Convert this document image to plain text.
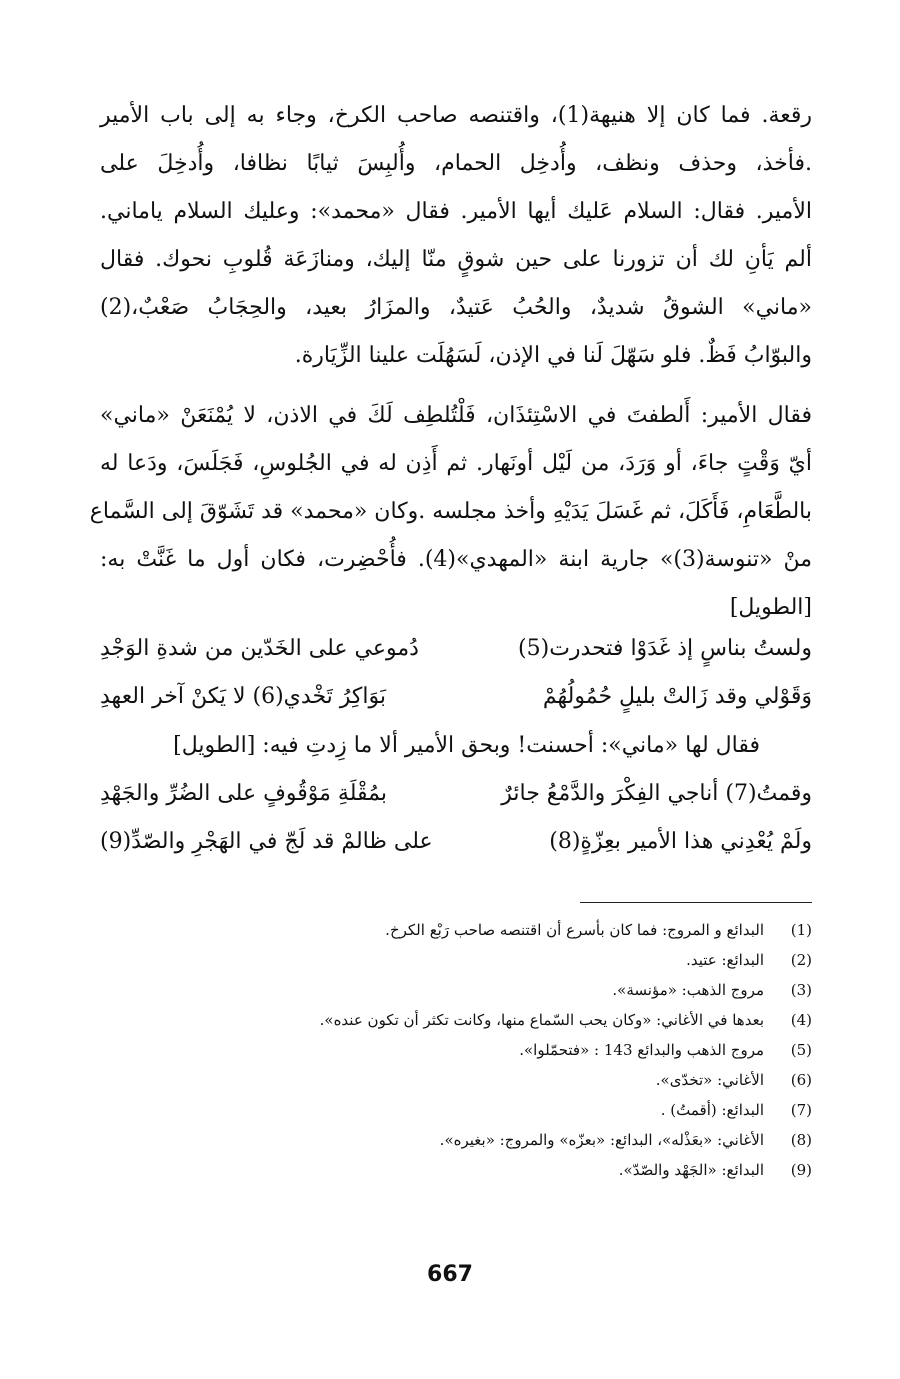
رقعة. فما كان إلا هنيهة(1)، واقتنصه صاحب الكرخ، وجاء به إلى باب الأمير
.فأخذ، وحذف ونظف، وأُدخِل الحمام، وأُلبِسَ ثيابًا نظافا، وأُدخِلَ على
الأمير. فقال: السلام عَليك أيها الأمير. فقال «محمد»: وعليك السلام ياماني.
ألم يَأنِ لك أن تزورنا على حين شوقٍ منّا إليك، ومنازَعَة قُلوبِ نحوك. فقال
«ماني» الشوقُ شديدٌ، والحُبُ عَتيدٌ، والمزَارُ بعيد، والحِجَابُ صَعْبٌ،(2)
والبوّابُ فَظٌ. فلو سَهّلَ لَنا في الإذن، لَسَهُلَت علينا الزِّيَارة.
فقال الأمير: أَلطفتَ في الاسْتِئذَان، فَلْتُلطِف لَكَ في الاذن، لا يُمْنَعَنْ «ماني»
أيّ وَقْتٍ جاءَ، أو وَرَدَ، من لَيْل أونَهار. ثم أَذِن له في الجُلوسِ، فَجَلَسَ، ودَعا له
بالطَّعَامِ، فَأَكَلَ، ثم غَسَلَ يَدَيْهِ وأخذ مجلسه .وكان «محمد» قد تَشَوّقَ إلى السَّماع
منْ «تنوسة(3)» جارية ابنة «المهدي»(4). فأُحْضِرت، فكان أول ما غَنَّتْ به:
[الطويل]
ولستُ بناسٍ إذ غَدَوْا فتحدرت(5)
دُموعي على الخَدّين من شدةِ الوَجْدِ
وَقَوْلي وقد زَالتْ بليلٍ حُمُولُهُمْ
بَوَاكِرُ تَخْدي(6) لا يَكنْ آخر العهدِ
فقال لها «ماني»: أحسنت! وبحق الأمير ألا ما زِدتِ فيه: [الطويل]
وقمتُ(7) أناجي الفِكْرَ والدَّمْعُ جائرٌ
بمُقْلَةِ مَوْقُوفٍ على الضُرِّ والجَهْدِ
ولَمْ يُعْدِني هذا الأمير بعِزّةٍ(8)
على ظالمْ قد لَجّ في الهَجْرِ والصّدِّ(9)
(1)
البدائع و المروج: فما كان بأسرع أن اقتنصه صاحب رَبْع الكرخ.
(2)
البدائع: عتيد.
(3)
مروج الذهب: «مؤنسة».
(4)
بعدها في الأغاني: «وكان يحب السّماع منها، وكانت تكثر أن تكون عنده».
(5)
مروج الذهب والبدائع 143 : «فتحمّلوا».
(6)
الأغاني: «تخدّى».
(7)
البدائع: (أقمتُ) .
(8)
الأغاني: «بعَذْله»، البدائع: «بعزّه» والمروج: «بغيره».
(9)
البدائع: «الجَهْد والصّدّ».
667
